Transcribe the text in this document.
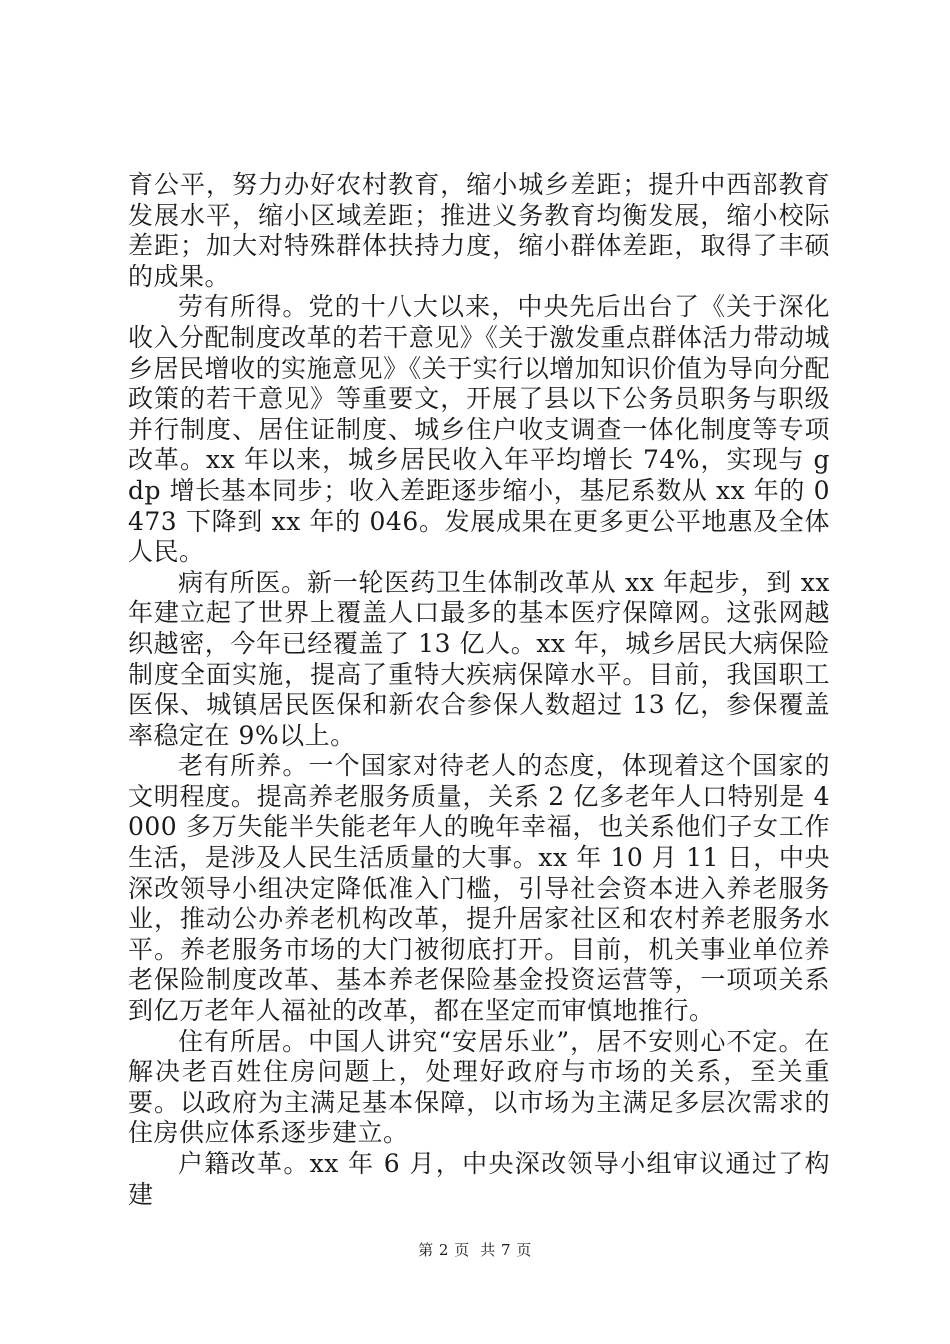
育公平，努力办好农村教育，缩小城乡差距；提升中西部教育发展水平，缩小区域差距；推进义务教育均衡发展，缩小校际差距；加大对特殊群体扶持力度，缩小群体差距，取得了丰硕的成果。

劳有所得。党的十八大以来，中央先后出台了《关于深化收入分配制度改革的若干意见》《关于激发重点群体活力带动城乡居民增收的实施意见》《关于实行以增加知识价值为导向分配政策的若干意见》等重要文，开展了县以下公务员职务与职级并行制度、居住证制度、城乡住户收支调查一体化制度等专项改革。xx 年以来，城乡居民收入年平均增长 74%，实现与 gdp 增长基本同步；收入差距逐步缩小，基尼系数从 xx 年的 0473 下降到 xx 年的 046。发展成果在更多更公平地惠及全体人民。

病有所医。新一轮医药卫生体制改革从 xx 年起步，到 xx 年建立起了世界上覆盖人口最多的基本医疗保障网。这张网越织越密，今年已经覆盖了 13 亿人。xx 年，城乡居民大病保险制度全面实施，提高了重特大疾病保障水平。目前，我国职工医保、城镇居民医保和新农合参保人数超过 13 亿，参保覆盖率稳定在 9%以上。

老有所养。一个国家对待老人的态度，体现着这个国家的文明程度。提高养老服务质量，关系 2 亿多老年人口特别是 4000 多万失能半失能老年人的晚年幸福，也关系他们子女工作生活，是涉及人民生活质量的大事。xx 年 10 月 11 日，中央深改领导小组决定降低准入门槛，引导社会资本进入养老服务业，推动公办养老机构改革，提升居家社区和农村养老服务水平。养老服务市场的大门被彻底打开。目前，机关事业单位养老保险制度改革、基本养老保险基金投资运营等，一项项关系到亿万老年人福祉的改革，都在坚定而审慎地推行。

住有所居。中国人讲究“安居乐业”，居不安则心不定。在解决老百姓住房问题上，处理好政府与市场的关系，至关重要。以政府为主满足基本保障，以市场为主满足多层次需求的住房供应体系逐步建立。

户籍改革。xx 年 6 月，中央深改领导小组审议通过了构建

第 2 页  共 7 页
